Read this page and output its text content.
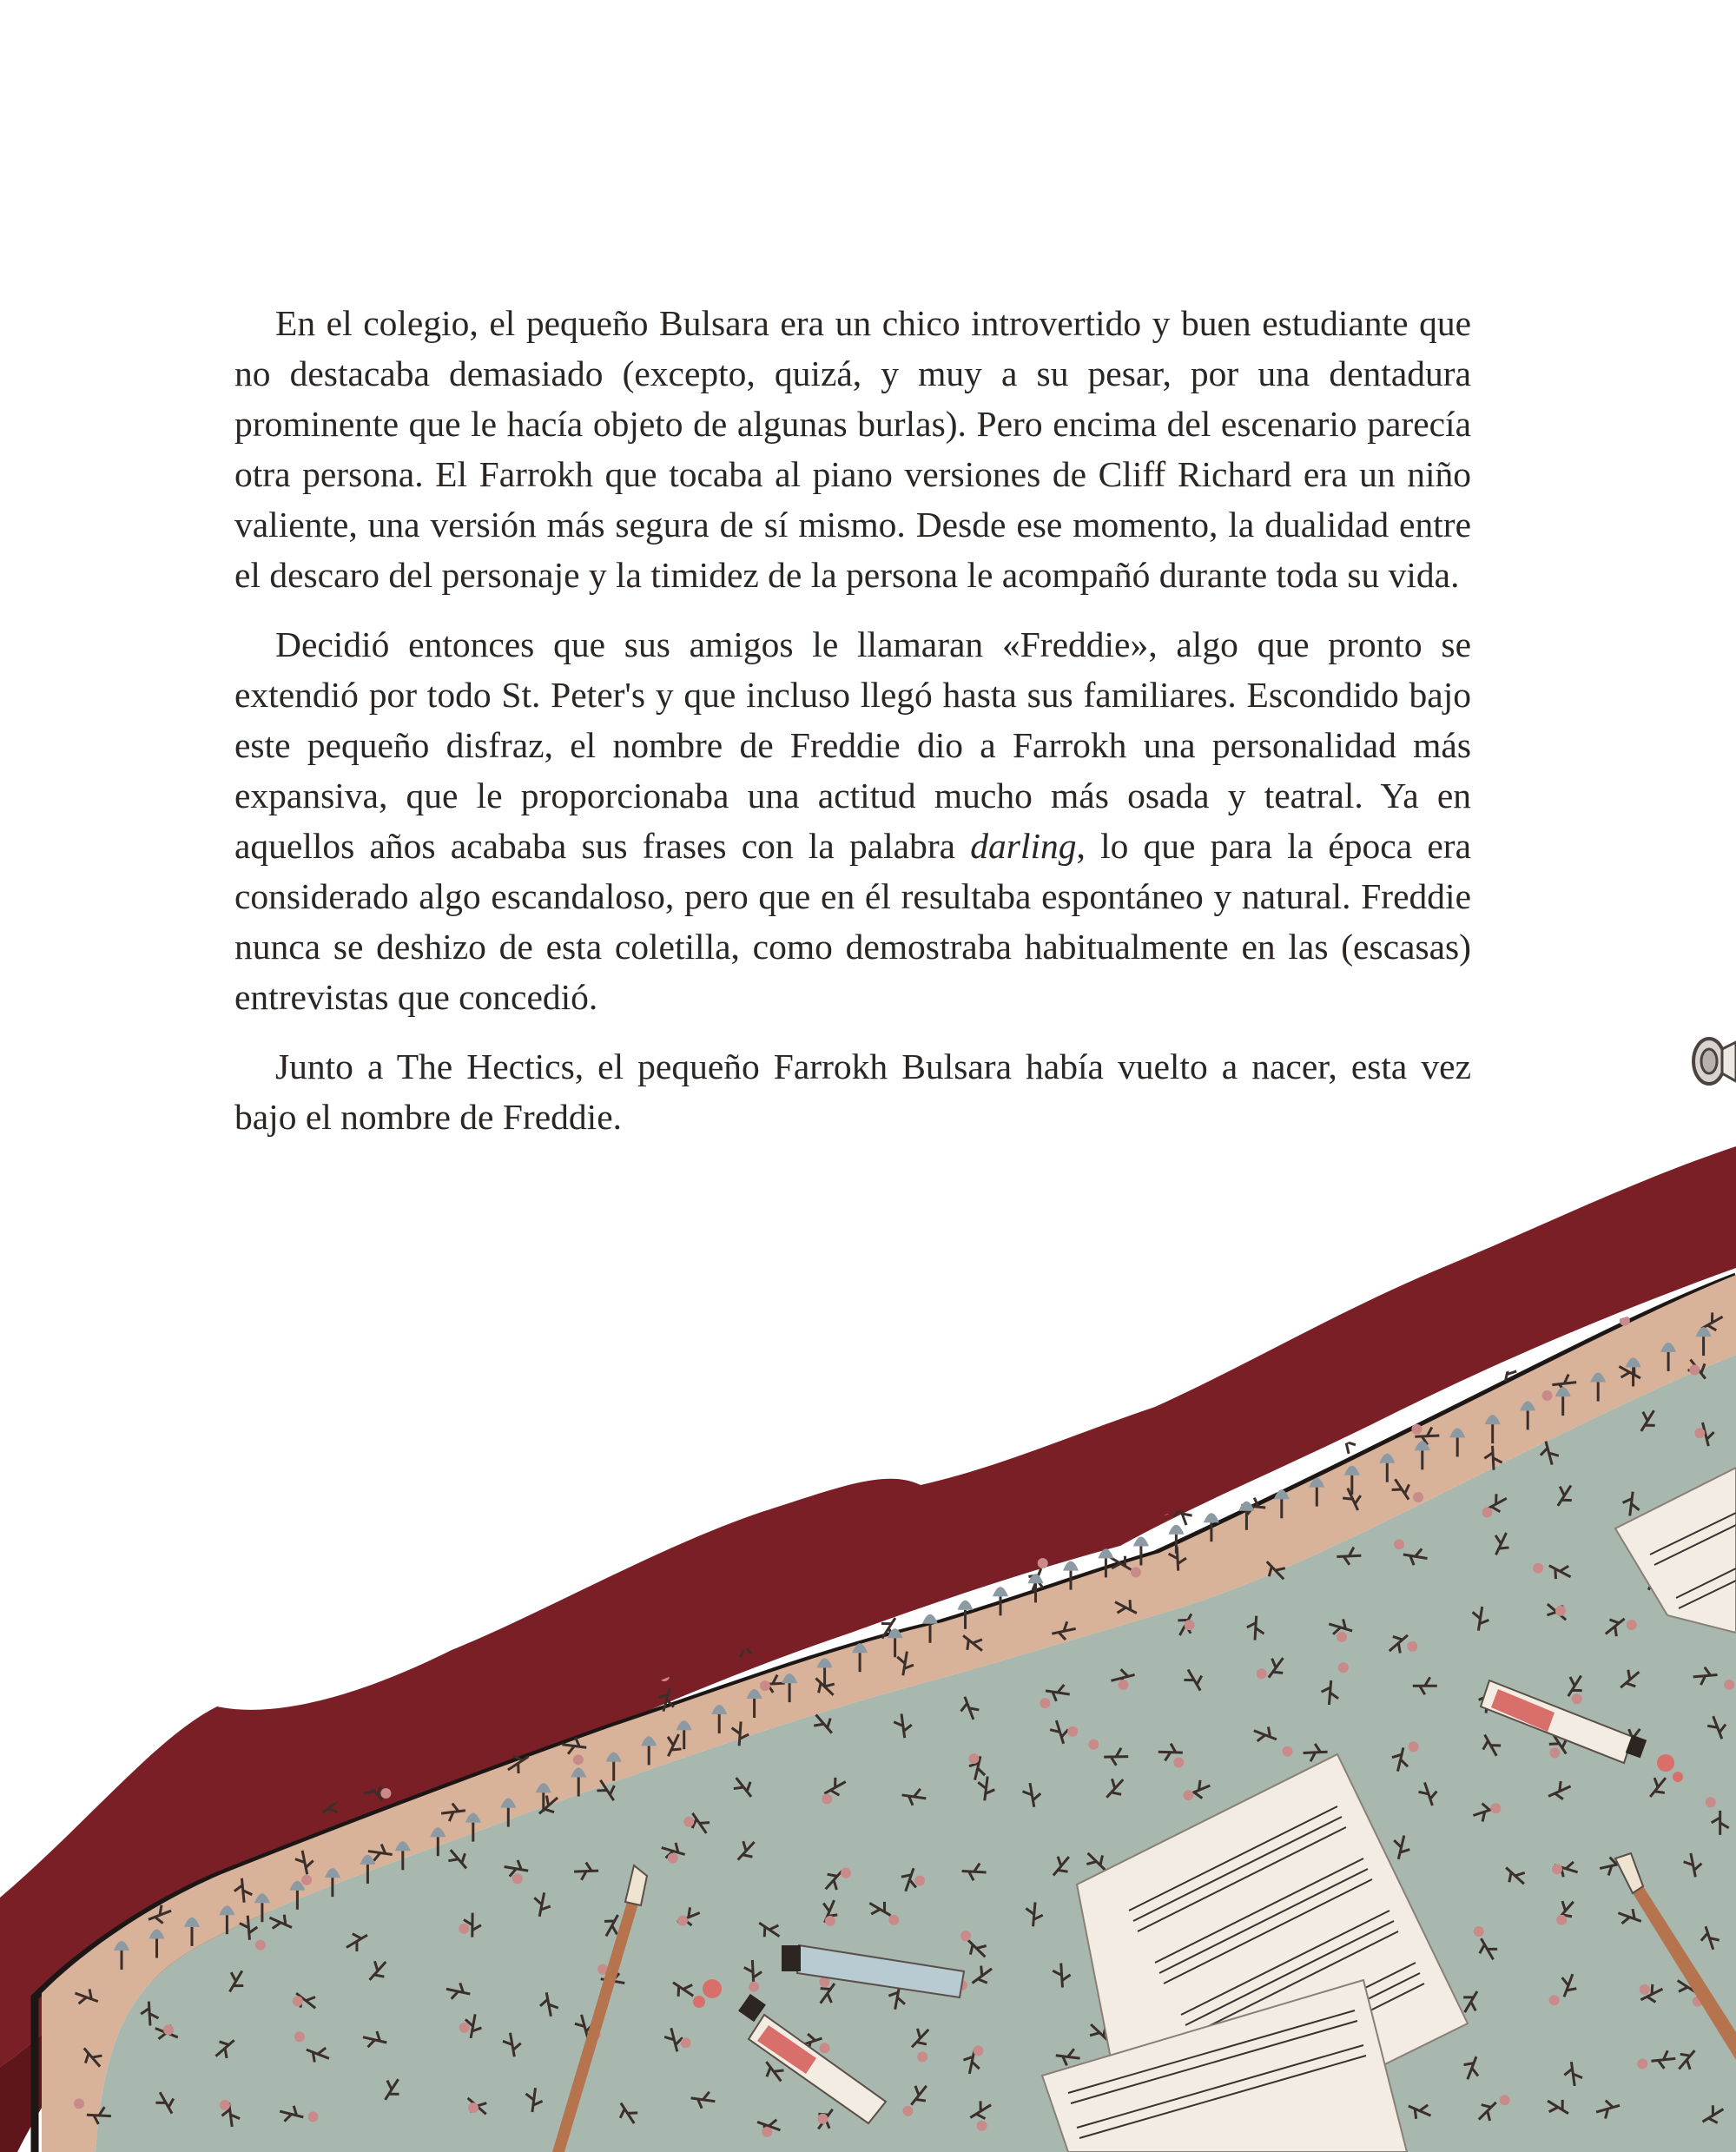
En el colegio, el pequeño Bulsara era un chico introvertido y buen estudiante que no destacaba demasiado (excepto, quizá, y muy a su pesar, por una dentadura prominente que le hacía objeto de algunas burlas). Pero encima del escenario parecía otra persona. El Farrokh que tocaba al piano versiones de Cliff Richard era un niño valiente, una versión más segura de sí mismo. Desde ese momento, la dualidad entre el descaro del personaje y la timidez de la persona le acompañó durante toda su vida.

Decidió entonces que sus amigos le llamaran «Freddie», algo que pronto se extendió por todo St. Peter's y que incluso llegó hasta sus familiares. Escondido bajo este pequeño disfraz, el nombre de Freddie dio a Farrokh una personalidad más expansiva, que le proporcionaba una actitud mucho más osada y teatral. Ya en aquellos años acababa sus frases con la palabra darling, lo que para la época era considerado algo escandaloso, pero que en él resultaba espontáneo y natural. Freddie nunca se deshizo de esta coletilla, como demostraba habitualmente en las (escasas) entrevistas que concedió.

Junto a The Hectics, el pequeño Farrokh Bulsara había vuelto a nacer, esta vez bajo el nombre de Freddie.
